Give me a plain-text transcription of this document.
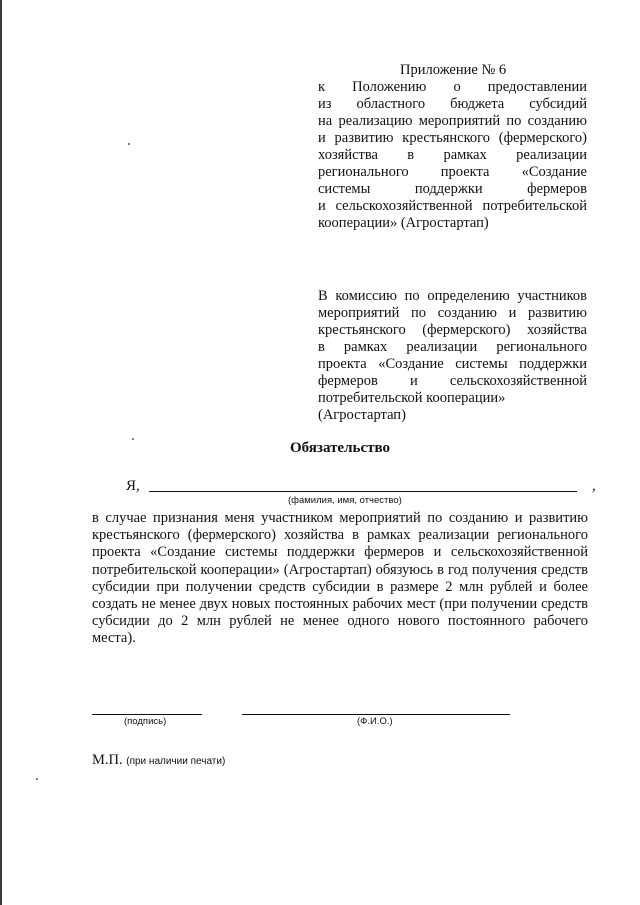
Приложение № 6
к Положению о предоставлении
из областного бюджета субсидий
на реализацию мероприятий по созданию
и развитию крестьянского (фермерского)
хозяйства в рамках реализации
регионального проекта «Создание
системы поддержки фермеров
и сельскохозяйственной потребительской
кооперации» (Агростартап)
В комиссию по определению участников
мероприятий по созданию и развитию
крестьянского (фермерского) хозяйства
в рамках реализации регионального
проекта «Создание системы поддержки
фермеров и сельскохозяйственной
потребительской кооперации» (Агростартап)
Обязательство
Я,	,
(фамилия, имя, отчество)
в случае признания меня участником мероприятий по созданию и развитию крестьянского (фермерского) хозяйства в рамках реализации регионального проекта «Создание системы поддержки фермеров и сельскохозяйственной потребительской кооперации» (Агростартап) обязуюсь в год получения средств субсидии при получении средств субсидии в размере 2 млн рублей и более создать не менее двух новых постоянных рабочих мест (при получении средств субсидии до 2 млн рублей не менее одного нового постоянного рабочего места).
(подпись)	(Ф.И.О.)
М.П. (при наличии печати)
